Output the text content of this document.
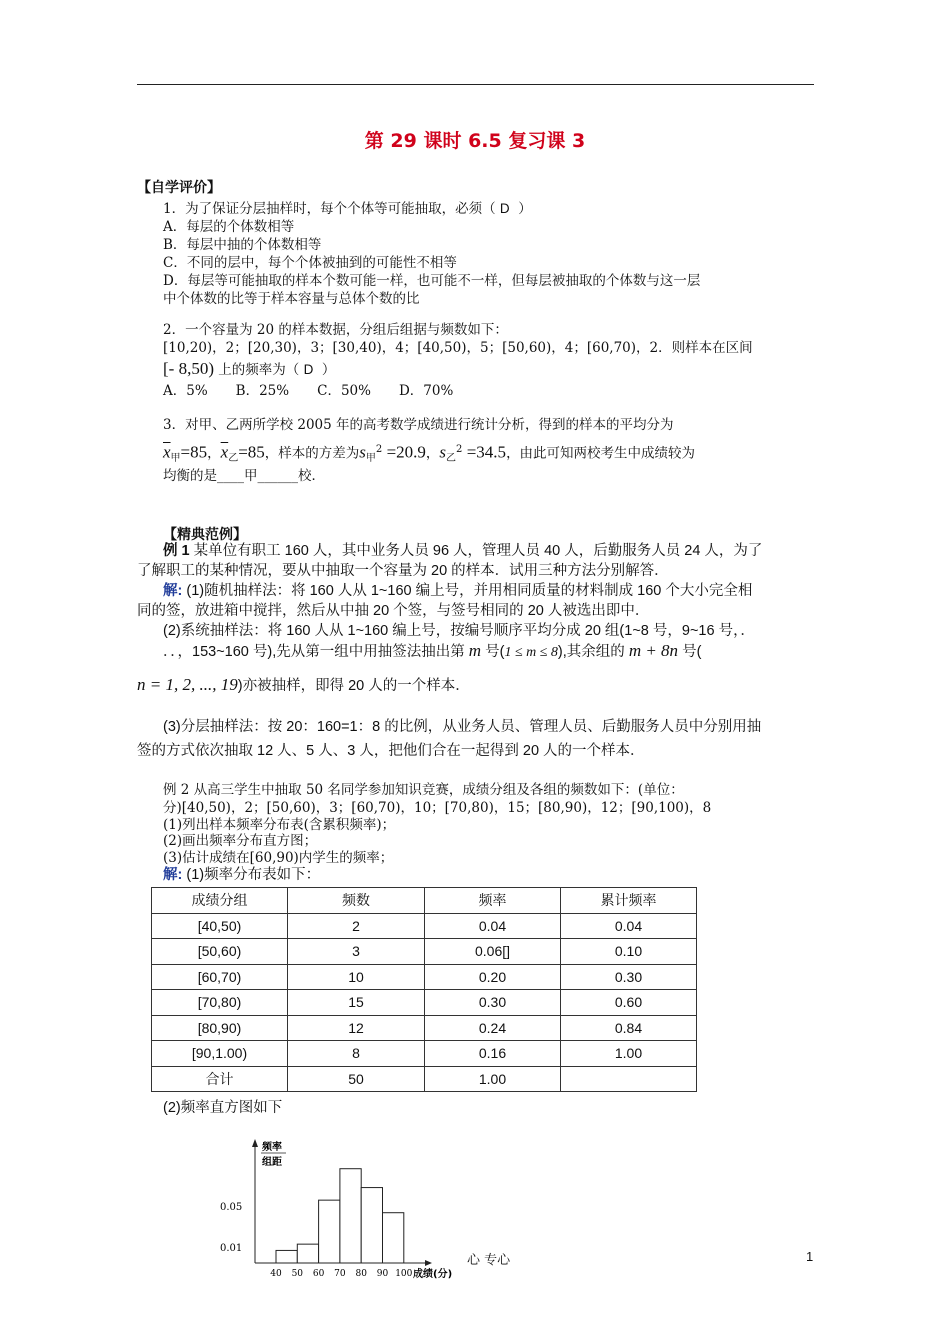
第 29 课时 6.5 复习课 3
【自学评价】
1．为了保证分层抽样时，每个个体等可能抽取，必须（ D ）
A．每层的个体数相等
B．每层中抽的个体数相等
C．不同的层中，每个个体被抽到的可能性不相等
D．每层等可能抽取的样本个数可能一样，也可能不一样，但每层被抽取的个体数与这一层
中个体数的比等于样本容量与总体个数的比
2．一个容量为 20 的样本数据，分组后组据与频数如下：
[10,20)，2；[20,30)，3；[30,40)，4；[40,50)，5；[50,60)，4；[60,70)，2．则样本在区间
[- 8,50) 上的频率为（ D ）
A．5% B．25% C．50% D．70%
3．对甲、乙两所学校 2005 年的高考数学成绩进行统计分析，得到的样本的平均分为
$\overline{x}_甲=85$，$\overline{x}_乙=85$，样本的方差为$s_甲^2 =20.9$，$s_乙^2 =34.5$，由此可知两校考生中成绩较为
均衡的是____甲______校．
【精典范例】
例 1 某单位有职工 160 人，其中业务人员 96 人，管理人员 40 人，后勤服务人员 24 人，为了
了解职工的某种情况，要从中抽取一个容量为 20 的样本．试用三种方法分别解答．
解: (1)随机抽样法：将 160 人从 1~160 编上号，并用相同质量的材料制成 160 个大小完全相
同的签，放进箱中搅拌，然后从中抽 20 个签，与签号相同的 20 人被选出即中．
(2)系统抽样法：将 160 人从 1~160 编上号，按编号顺序平均分成 20 组(1~8 号，9~16 号，．
．．，153~160 号),先从第一组中用抽签法抽出第 m 号(1 ≤ m ≤ 8),其余组的 m + 8n 号(
n = 1, 2, ..., 19)亦被抽样，即得 20 人的一个样本．
(3)分层抽样法：按 20：160=1：8 的比例，从业务人员、管理人员、后勤服务人员中分别用抽
签的方式依次抽取 12 人、5 人、3 人，把他们合在一起得到 20 人的一个样本．
例 2 从高三学生中抽取 50 名同学参加知识竞赛，成绩分组及各组的频数如下：(单位：
分)[40,50)，2；[50,60)，3；[60,70)，10；[70,80)，15；[80,90)，12；[90,100)，8
(1)列出样本频率分布表(含累积频率)；
(2)画出频率分布直方图；
(3)估计成绩在[60,90)内学生的频率；
解: (1)频率分布表如下：
成绩分组	频数	频率	累计频率
[40,50)	2	0.04	0.04
[50,60)	3	0.06[]	0.10
[60,70)	10	0.20	0.30
[70,80)	15	0.30	0.60
[80,90)	12	0.24	0.84
[90,1.00)	8	0.16	1.00
合计	50	1.00	
(2)频率直方图如下
频率
组距
0.05
0.01
40 50 60 70 80 90 100 成绩(分)
心 专心	1
